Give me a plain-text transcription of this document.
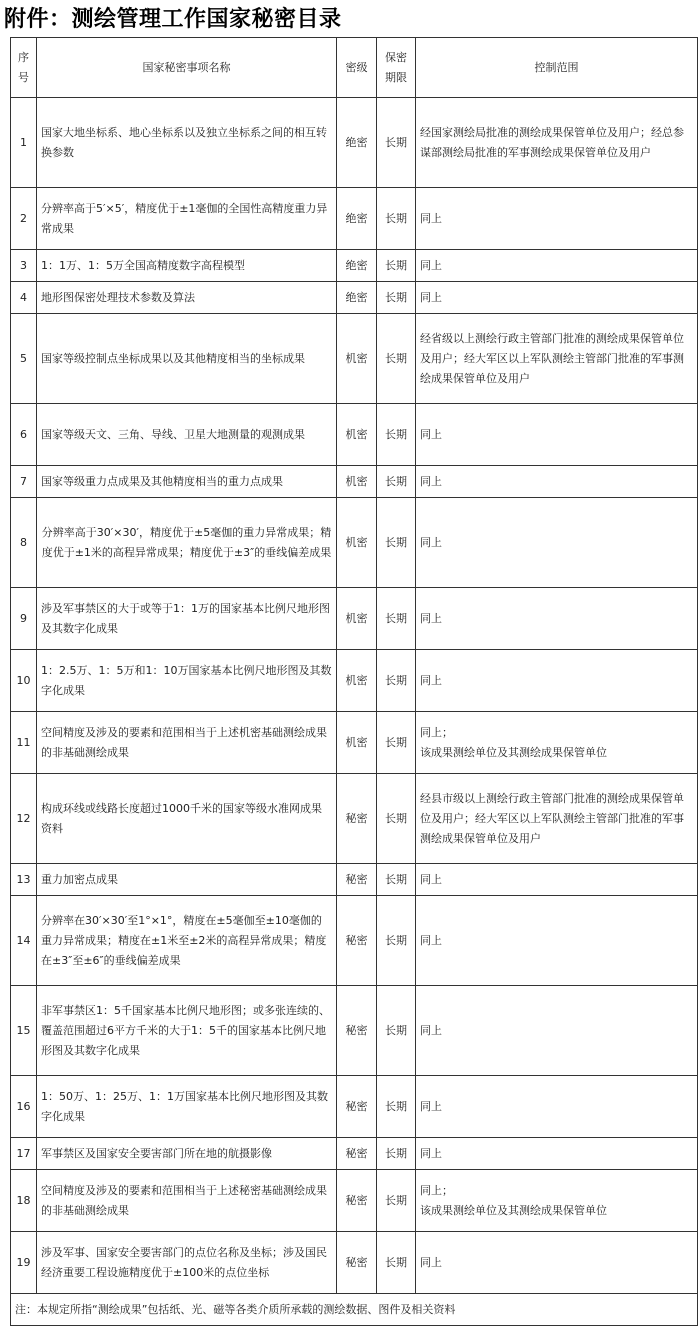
附件：测绘管理工作国家秘密目录
序号	国家秘密事项名称	密级	保密期限	控制范围
1	国家大地坐标系、地心坐标系以及独立坐标系之间的相互转换参数	绝密	长期	经国家测绘局批准的测绘成果保管单位及用户；经总参谋部测绘局批准的军事测绘成果保管单位及用户
2	分辨率高于5′×5′，精度优于±1毫伽的全国性高精度重力异常成果	绝密	长期	同上
3	1：1万、1：5万全国高精度数字高程模型	绝密	长期	同上
4	地形图保密处理技术参数及算法	绝密	长期	同上
5	国家等级控制点坐标成果以及其他精度相当的坐标成果	机密	长期	经省级以上测绘行政主管部门批准的测绘成果保管单位及用户；经大军区以上军队测绘主管部门批准的军事测绘成果保管单位及用户
6	国家等级天文、三角、导线、卫星大地测量的观测成果	机密	长期	同上
7	国家等级重力点成果及其他精度相当的重力点成果	机密	长期	同上
8	分辨率高于30′×30′，精度优于±5毫伽的重力异常成果；精度优于±1米的高程异常成果；精度优于±3″的垂线偏差成果	机密	长期	同上
9	涉及军事禁区的大于或等于1：1万的国家基本比例尺地形图及其数字化成果	机密	长期	同上
10	1：2.5万、1：5万和1：10万国家基本比例尺地形图及其数字化成果	机密	长期	同上
11	空间精度及涉及的要素和范围相当于上述机密基础测绘成果的非基础测绘成果	机密	长期	同上；
该成果测绘单位及其测绘成果保管单位
12	构成环线或线路长度超过1000千米的国家等级水准网成果资料	秘密	长期	经县市级以上测绘行政主管部门批准的测绘成果保管单位及用户；经大军区以上军队测绘主管部门批准的军事测绘成果保管单位及用户
13	重力加密点成果	秘密	长期	同上
14	分辨率在30′×30′至1°×1°，精度在±5毫伽至±10毫伽的重力异常成果；精度在±1米至±2米的高程异常成果；精度在±3″至±6″的垂线偏差成果	秘密	长期	同上
15	非军事禁区1：5千国家基本比例尺地形图；或多张连续的、覆盖范围超过6平方千米的大于1：5千的国家基本比例尺地形图及其数字化成果	秘密	长期	同上
16	1：50万、1：25万、1：1万国家基本比例尺地形图及其数字化成果	秘密	长期	同上
17	军事禁区及国家安全要害部门所在地的航摄影像	秘密	长期	同上
18	空间精度及涉及的要素和范围相当于上述秘密基础测绘成果的非基础测绘成果	秘密	长期	同上；
该成果测绘单位及其测绘成果保管单位
19	涉及军事、国家安全要害部门的点位名称及坐标；涉及国民经济重要工程设施精度优于±100米的点位坐标	秘密	长期	同上
注：本规定所指“测绘成果”包括纸、光、磁等各类介质所承载的测绘数据、图件及相关资料				
